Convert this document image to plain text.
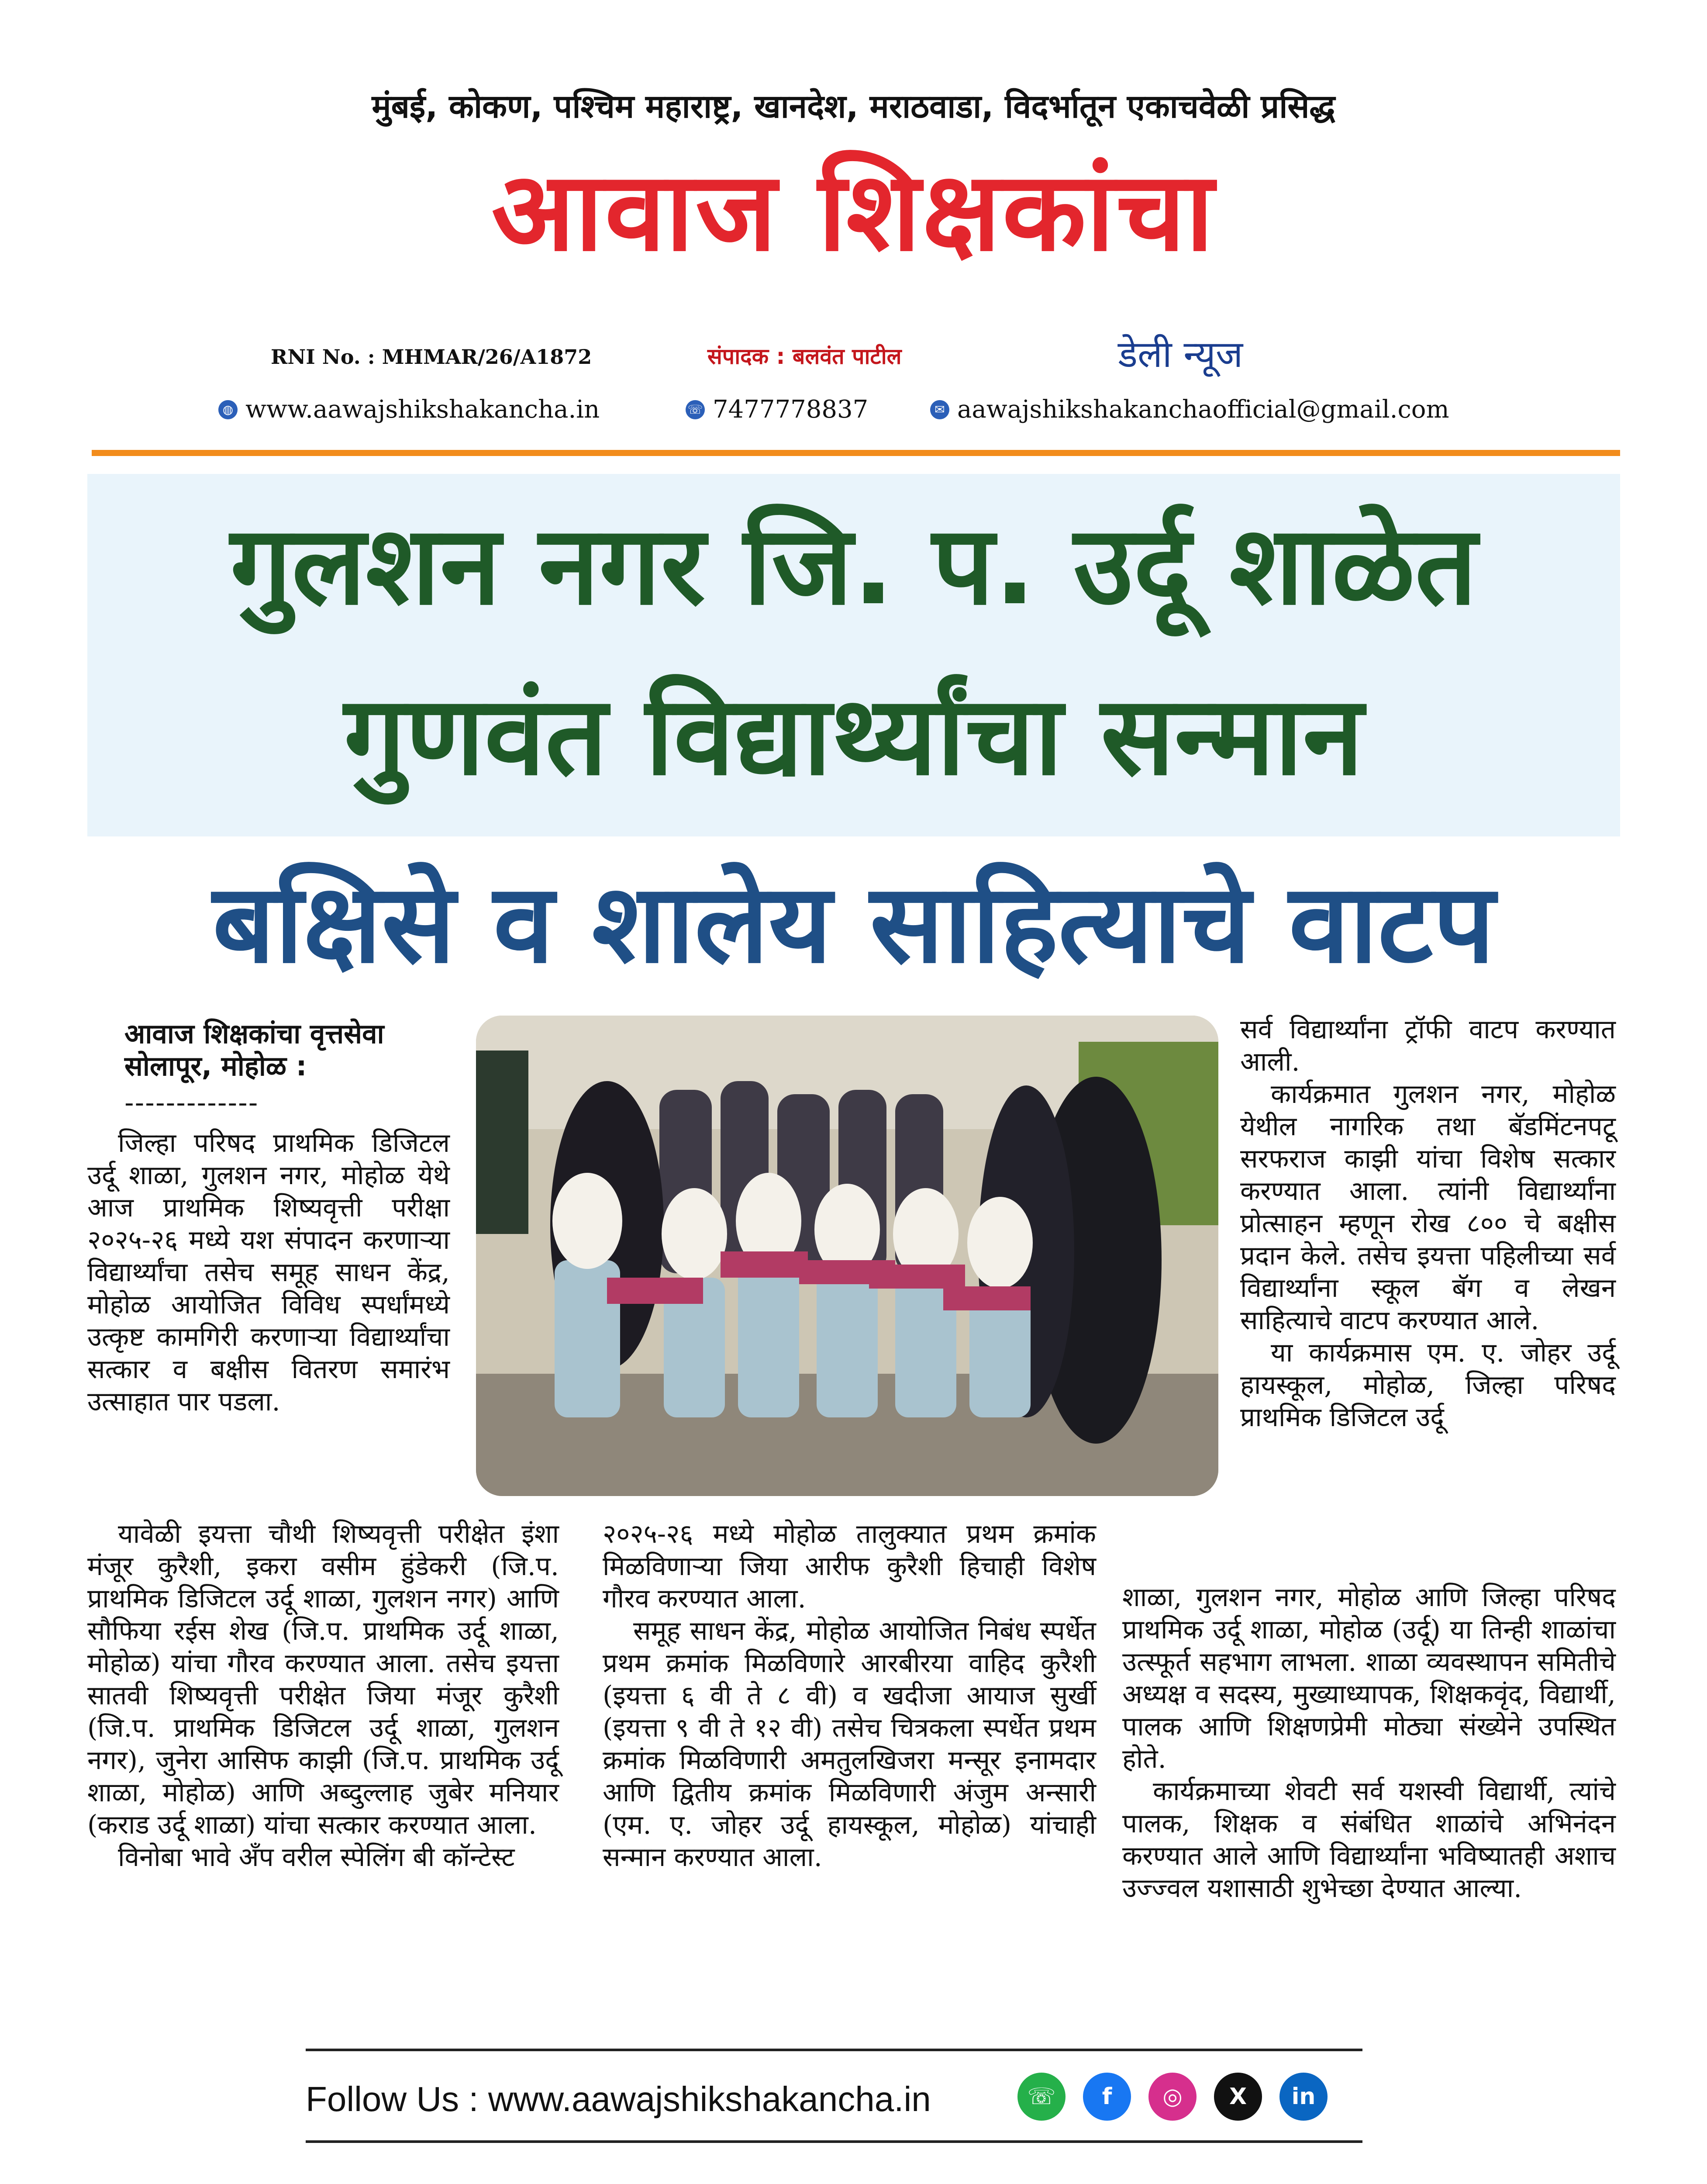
मुंबई, कोकण, पश्चिम महाराष्ट्र, खानदेश, मराठवाडा, विदर्भातून एकाचवेळी प्रसिद्ध
आवाज शिक्षकांचा
RNI No. : MHMAR/26/A1872	संपादक : बलवंत पाटील	डेली न्यूज
◍ www.aawajshikshakancha.in	☏ 7477778837	✉ aawajshikshakanchaofficial@gmail.com
गुलशन नगर जि. प. उर्दू शाळेत
गुणवंत विद्यार्थ्यांचा सन्मान
बक्षिसे व शालेय साहित्याचे वाटप
आवाज शिक्षकांचा वृत्तसेवा
सोलापूर, मोहोळ :
-------------

जिल्हा परिषद प्राथमिक डिजिटल उर्दू शाळा, गुलशन नगर, मोहोळ येथे आज प्राथमिक शिष्यवृत्ती परीक्षा २०२५-२६ मध्ये यश संपादन करणाऱ्या विद्यार्थ्यांचा तसेच समूह साधन केंद्र, मोहोळ आयोजित विविध स्पर्धांमध्ये उत्कृष्ट कामगिरी करणाऱ्या विद्यार्थ्यांचा सत्कार व बक्षीस वितरण समारंभ उत्साहात पार पडला.

यावेळी इयत्ता चौथी शिष्यवृत्ती परीक्षेत इंशा मंजूर कुरैशी, इकरा वसीम हुंडेकरी (जि.प. प्राथमिक डिजिटल उर्दू शाळा, गुलशन नगर) आणि सौफिया रईस शेख (जि.प. प्राथमिक उर्दू शाळा, मोहोळ) यांचा गौरव करण्यात आला. तसेच इयत्ता सातवी शिष्यवृत्ती परीक्षेत जिया मंजूर कुरैशी (जि.प. प्राथमिक डिजिटल उर्दू शाळा, गुलशन नगर), जुनेरा आसिफ काझी (जि.प. प्राथमिक उर्दू शाळा, मोहोळ) आणि अब्दुल्लाह जुबेर मनियार (कराड उर्दू शाळा) यांचा सत्कार करण्यात आला.

विनोबा भावे अँप वरील स्पेलिंग बी कॉन्टेस्ट

२०२५-२६ मध्ये मोहोळ तालुक्यात प्रथम क्रमांक मिळविणाऱ्या जिया आरीफ कुरैशी हिचाही विशेष गौरव करण्यात आला.

समूह साधन केंद्र, मोहोळ आयोजित निबंध स्पर्धेत प्रथम क्रमांक मिळविणारे आरबीरया वाहिद कुरैशी (इयत्ता ६ वी ते ८ वी) व खदीजा आयाज सुर्खी (इयत्ता ९ वी ते १२ वी) तसेच चित्रकला स्पर्धेत प्रथम क्रमांक मिळविणारी अमतुलखिजरा मन्सूर इनामदार आणि द्वितीय क्रमांक मिळविणारी अंजुम अन्सारी (एम. ए. जोहर उर्दू हायस्कूल, मोहोळ) यांचाही सन्मान करण्यात आला.

सर्व विद्यार्थ्यांना ट्रॉफी वाटप करण्यात आली.

कार्यक्रमात गुलशन नगर, मोहोळ येथील नागरिक तथा बॅडमिंटनपटू सरफराज काझी यांचा विशेष सत्कार करण्यात आला. त्यांनी विद्यार्थ्यांना प्रोत्साहन म्हणून रोख ८०० चे बक्षीस प्रदान केले. तसेच इयत्ता पहिलीच्या सर्व विद्यार्थ्यांना स्कूल बॅग व लेखन साहित्याचे वाटप करण्यात आले.

या कार्यक्रमास एम. ए. जोहर उर्दू हायस्कूल, मोहोळ, जिल्हा परिषद प्राथमिक डिजिटल उर्दू

शाळा, गुलशन नगर, मोहोळ आणि जिल्हा परिषद प्राथमिक उर्दू शाळा, मोहोळ (उर्दू) या तिन्ही शाळांचा उत्स्फूर्त सहभाग लाभला. शाळा व्यवस्थापन समितीचे अध्यक्ष व सदस्य, मुख्याध्यापक, शिक्षकवृंद, विद्यार्थी, पालक आणि शिक्षणप्रेमी मोठ्या संख्येने उपस्थित होते.

कार्यक्रमाच्या शेवटी सर्व यशस्वी विद्यार्थी, त्यांचे पालक, शिक्षक व संबंधित शाळांचे अभिनंदन करण्यात आले आणि विद्यार्थ्यांना भविष्यातही अशाच उज्ज्वल यशासाठी शुभेच्छा देण्यात आल्या.

Follow Us : www.aawajshikshakancha.in	☏	f	◎	X	in
